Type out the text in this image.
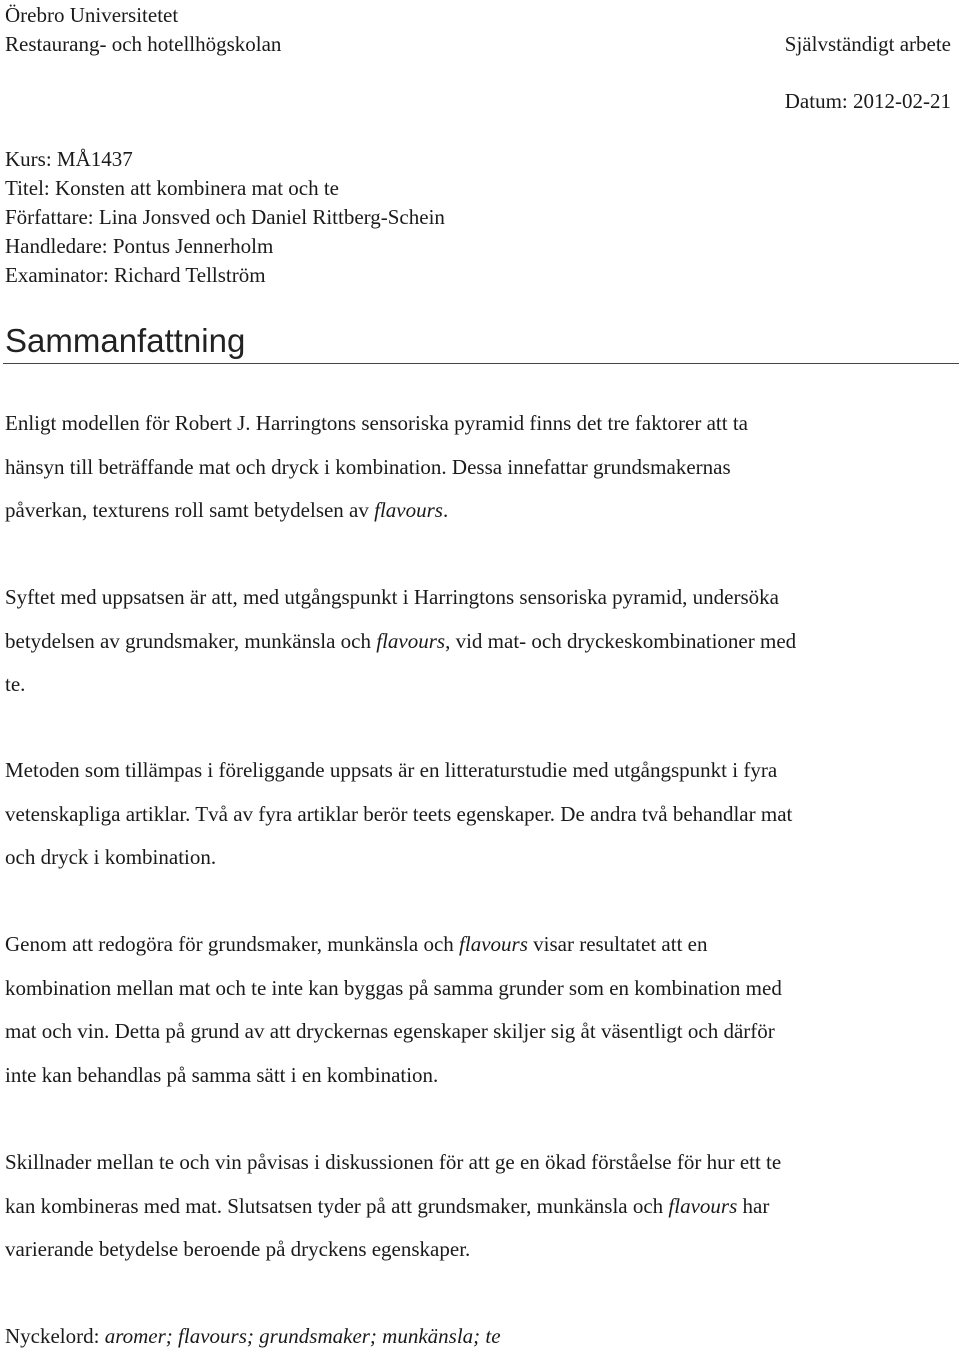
Örebro Universitetet
Restaurang- och hotellhögskolan	Självständigt arbete
Datum: 2012-02-21
Kurs: MÅ1437
Titel: Konsten att kombinera mat och te
Författare: Lina Jonsved och Daniel Rittberg-Schein
Handledare: Pontus Jennerholm
Examinator: Richard Tellström
Sammanfattning
Enligt modellen för Robert J. Harringtons sensoriska pyramid finns det tre faktorer att ta
hänsyn till beträffande mat och dryck i kombination. Dessa innefattar grundsmakernas
påverkan, texturens roll samt betydelsen av flavours.
Syftet med uppsatsen är att, med utgångspunkt i Harringtons sensoriska pyramid, undersöka
betydelsen av grundsmaker, munkänsla och flavours, vid mat- och dryckeskombinationer med
te.
Metoden som tillämpas i föreliggande uppsats är en litteraturstudie med utgångspunkt i fyra
vetenskapliga artiklar. Två av fyra artiklar berör teets egenskaper. De andra två behandlar mat
och dryck i kombination.
Genom att redogöra för grundsmaker, munkänsla och flavours visar resultatet att en
kombination mellan mat och te inte kan byggas på samma grunder som en kombination med
mat och vin. Detta på grund av att dryckernas egenskaper skiljer sig åt väsentligt och därför
inte kan behandlas på samma sätt i en kombination.
Skillnader mellan te och vin påvisas i diskussionen för att ge en ökad förståelse för hur ett te
kan kombineras med mat. Slutsatsen tyder på att grundsmaker, munkänsla och flavours har
varierande betydelse beroende på dryckens egenskaper.
Nyckelord: aromer; flavours; grundsmaker; munkänsla; te
